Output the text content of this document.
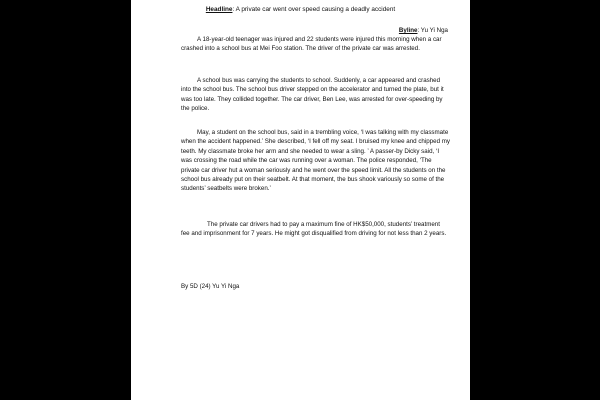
Headline: A private car went over speed causing a deadly accident
Byline: Yu Yi Nga

A 18-year-old teenager was injured and 22 students were injured this morning when a car crashed into a school bus at Mei Foo station. The driver of the private car was arrested.

A school bus was carrying the students to school. Suddenly, a car appeared and crashed into the school bus. The school bus driver stepped on the accelerator and turned the plate, but it was too late. They collided together. The car driver, Ben Lee, was arrested for over-speeding by the police.

May, a student on the school bus, said in a trembling voice, ‘I was talking with my classmate when the accident happened.’ She described, ‘I fell off my seat. I bruised my knee and chipped my teeth. My classmate broke her arm and she needed to wear a sling. ’ A passer-by Dicky said, ‘I was crossing the road while the car was running over a woman. The police responded, ‘The private car driver hut a woman seriously and he went over the speed limit. All the students on the school bus already put on their seatbelt. At that moment, the bus shook variously so some of the students’ seatbelts were broken.’

The private car drivers had to pay a maximum fine of HK$50,000, students’ treatment fee and imprisonment for 7 years. He might got disqualified from driving for not less than 2 years.

By 5D (24) Yu Yi Nga
